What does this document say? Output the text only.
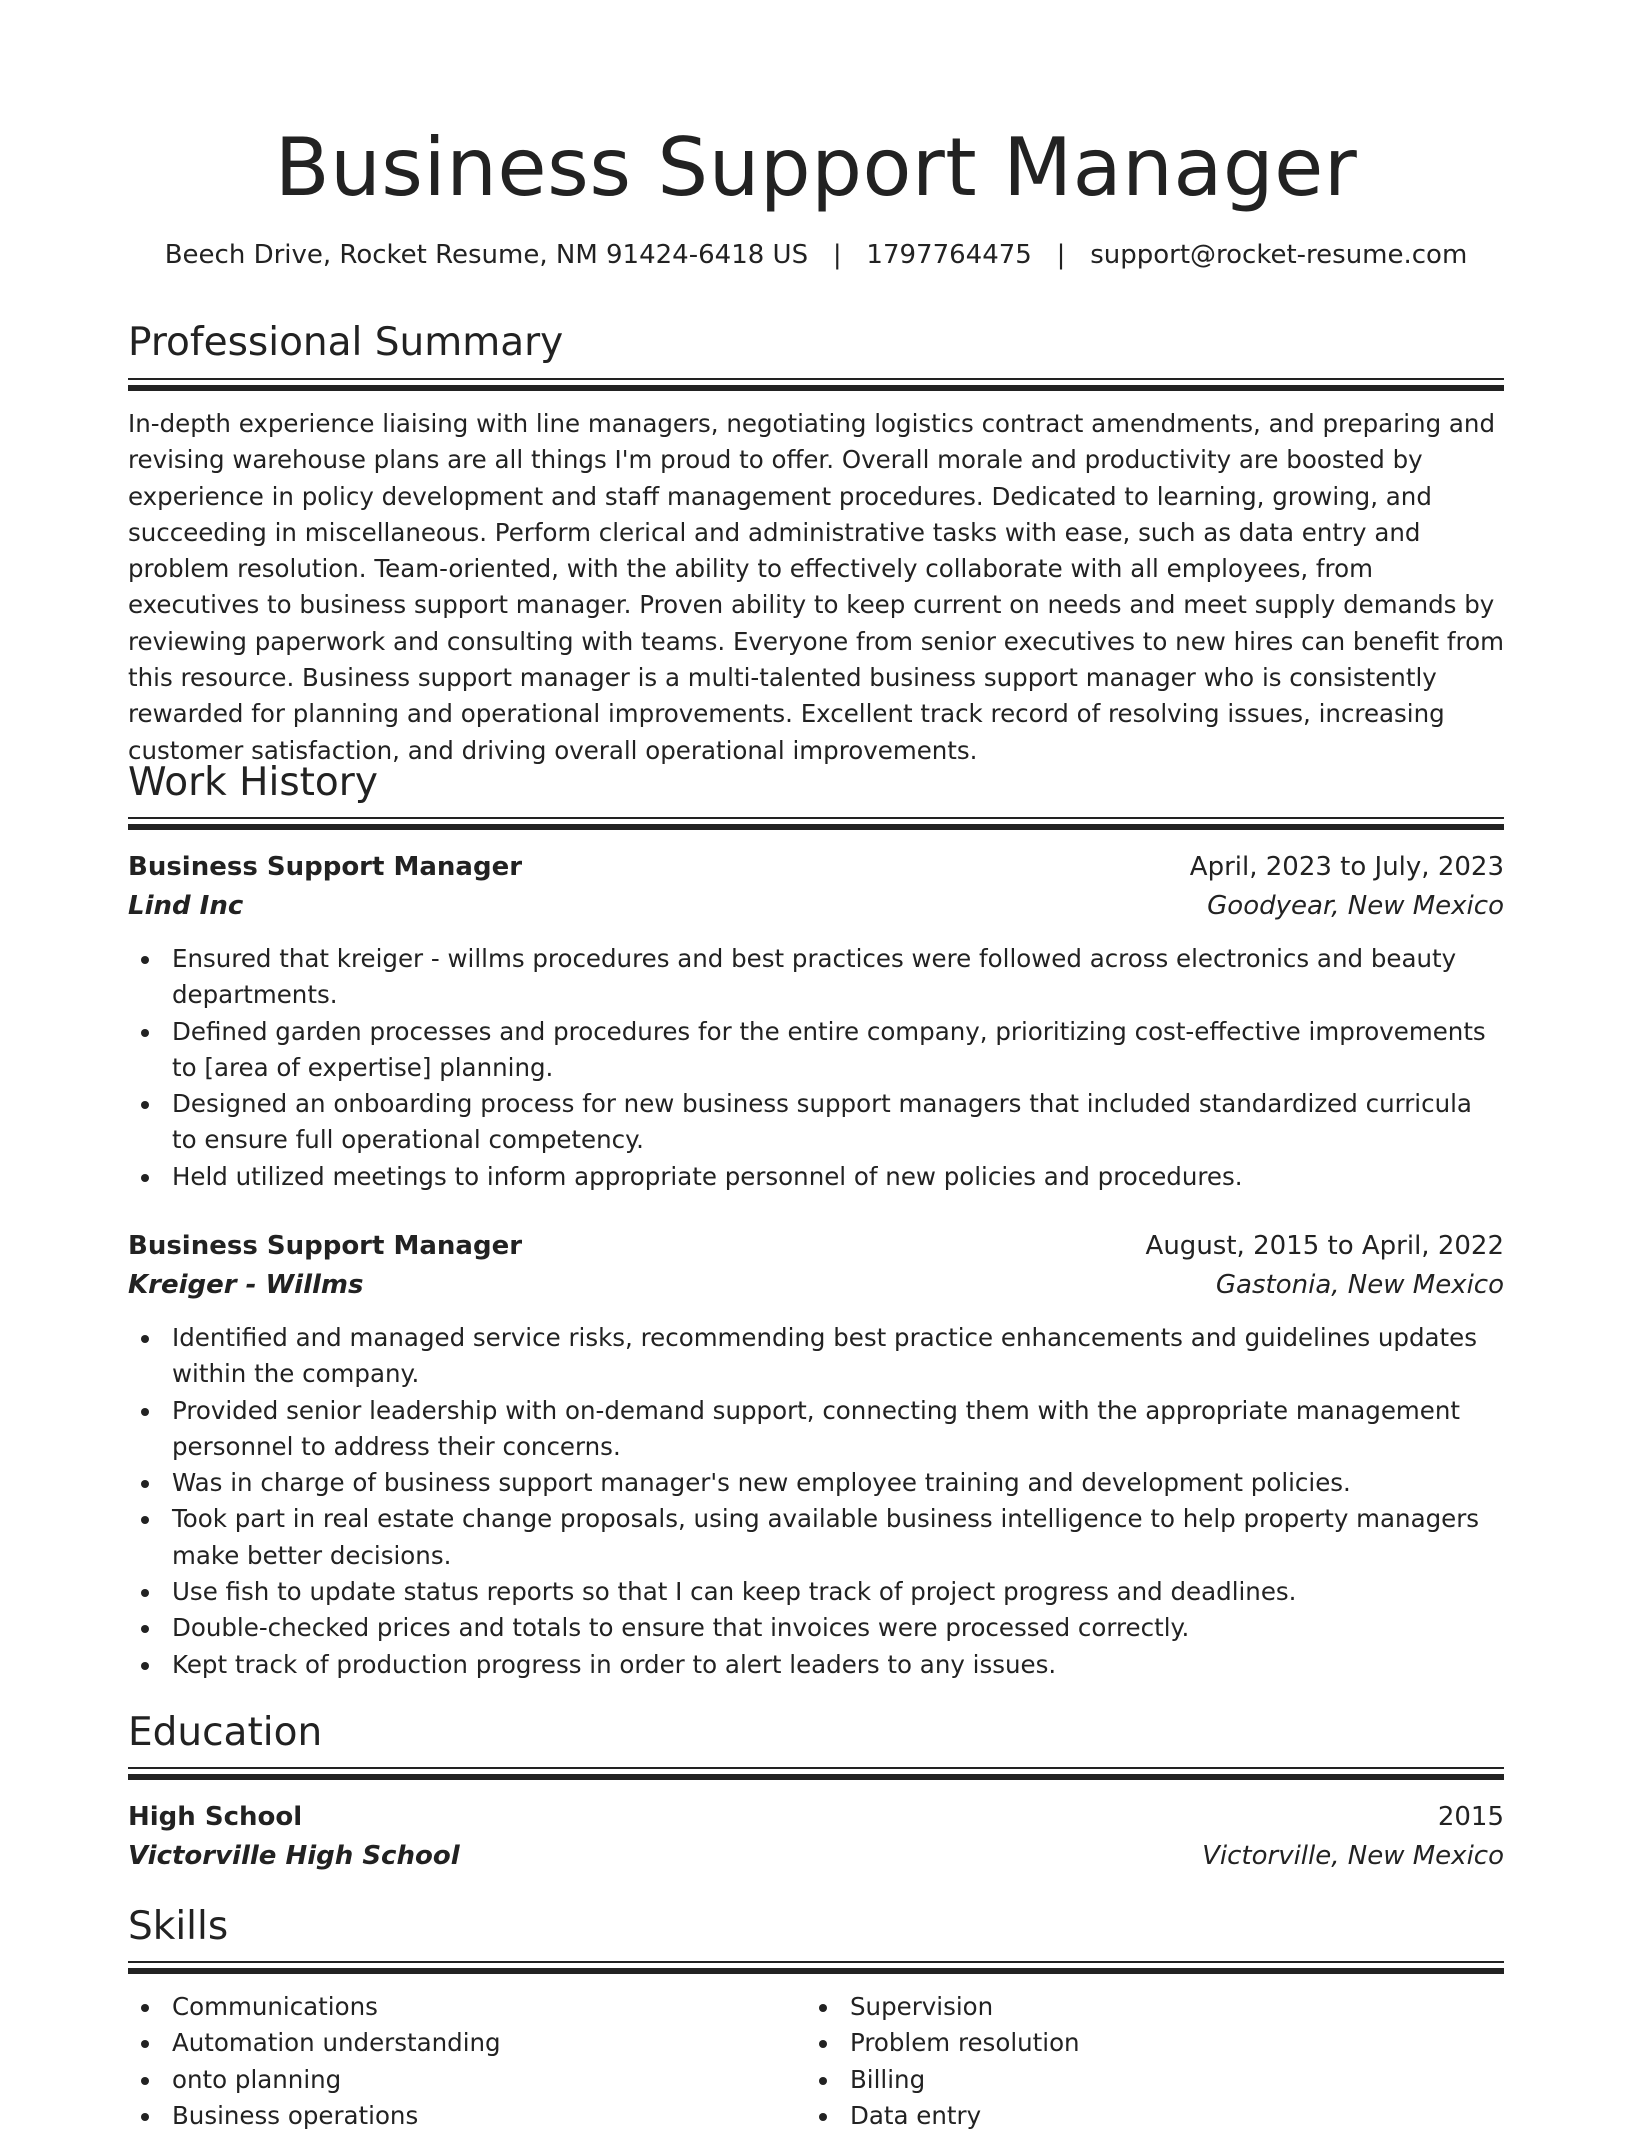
Business Support Manager
Beech Drive, Rocket Resume, NM 91424-6418 US   |   1797764475   |   support@rocket-resume.com
Professional Summary

In-depth experience liaising with line managers, negotiating logistics contract amendments, and preparing and revising warehouse plans are all things I'm proud to offer. Overall morale and productivity are boosted by experience in policy development and staff management procedures. Dedicated to learning, growing, and succeeding in miscellaneous. Perform clerical and administrative tasks with ease, such as data entry and problem resolution. Team-oriented, with the ability to effectively collaborate with all employees, from executives to business support manager. Proven ability to keep current on needs and meet supply demands by reviewing paperwork and consulting with teams. Everyone from senior executives to new hires can benefit from this resource. Business support manager is a multi-talented business support manager who is consistently rewarded for planning and operational improvements. Excellent track record of resolving issues, increasing customer satisfaction, and driving overall operational improvements.

Work History
Business Support Manager	April, 2023 to July, 2023
Lind Inc	Goodyear, New Mexico
Ensured that kreiger - willms procedures and best practices were followed across electronics and beauty departments.
Defined garden processes and procedures for the entire company, prioritizing cost-effective improvements to [area of expertise] planning.
Designed an onboarding process for new business support managers that included standardized curricula to ensure full operational competency.
Held utilized meetings to inform appropriate personnel of new policies and procedures.
Business Support Manager	August, 2015 to April, 2022
Kreiger - Willms	Gastonia, New Mexico
Identified and managed service risks, recommending best practice enhancements and guidelines updates within the company.
Provided senior leadership with on-demand support, connecting them with the appropriate management personnel to address their concerns.
Was in charge of business support manager's new employee training and development policies.
Took part in real estate change proposals, using available business intelligence to help property managers make better decisions.
Use fish to update status reports so that I can keep track of project progress and deadlines.
Double-checked prices and totals to ensure that invoices were processed correctly.
Kept track of production progress in order to alert leaders to any issues.
Education
High School	2015
Victorville High School	Victorville, New Mexico
Skills
Communications
Automation understanding
onto planning
Business operations
Supervision
Problem resolution
Billing
Data entry
